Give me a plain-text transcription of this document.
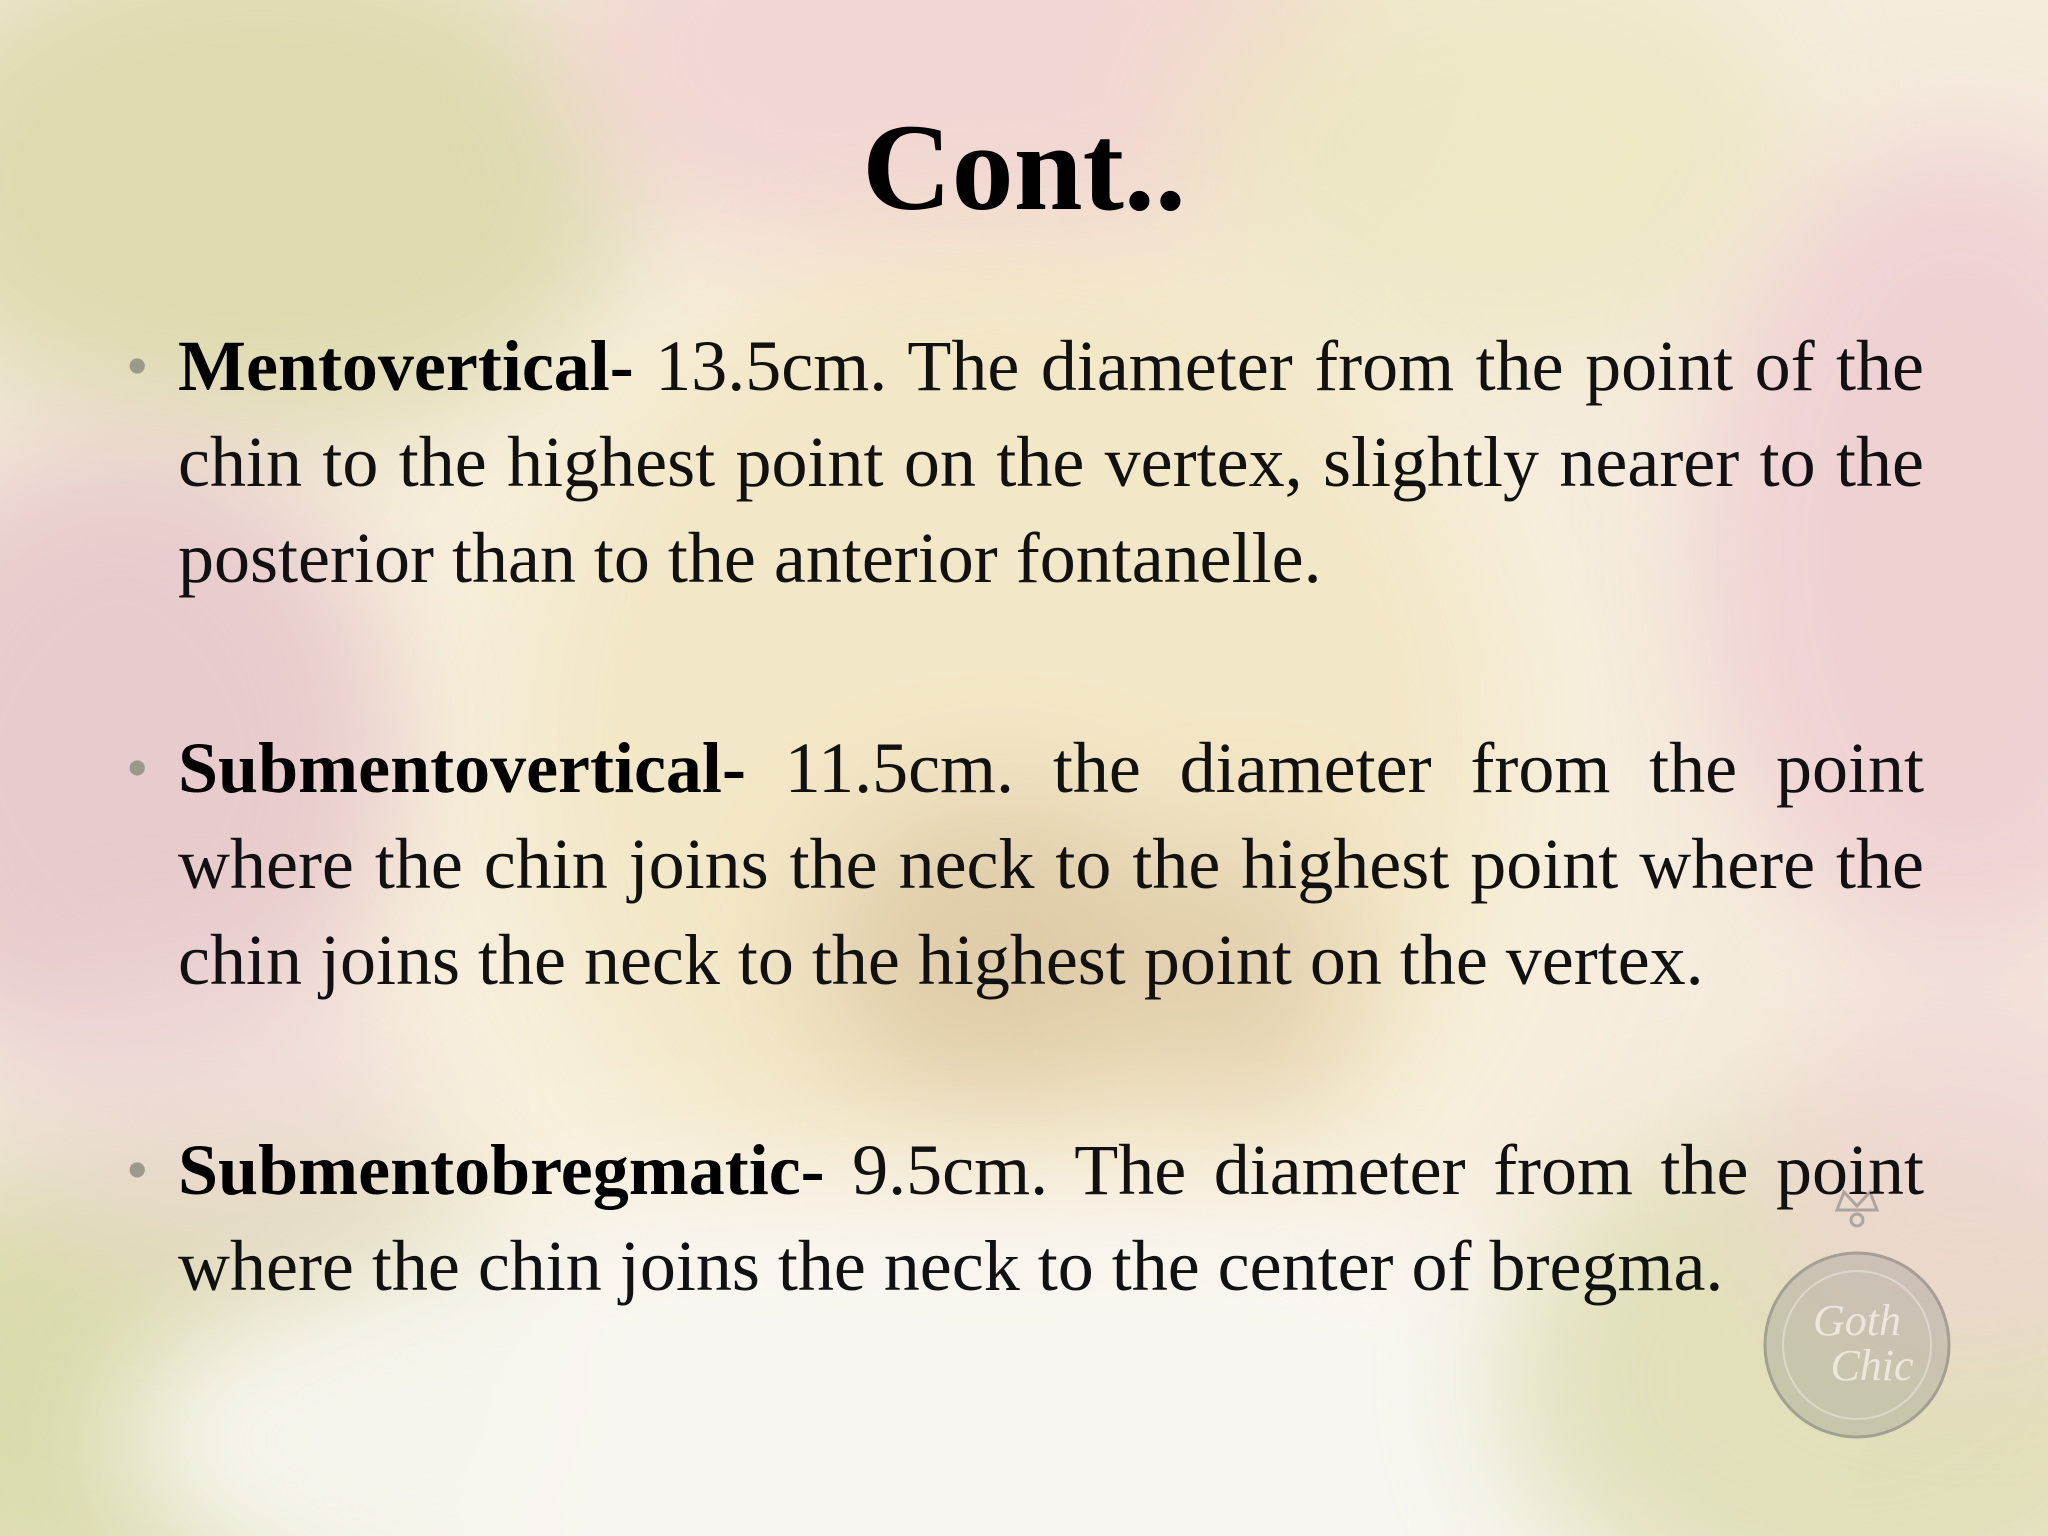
Goth
Chic
Cont..
• Mentovertical- 13.5cm. The diameter from the point of the chin to the highest point on the vertex, slightly nearer to the posterior than to the anterior fontanelle.
• Submentovertical- 11.5cm. the diameter from the point where the chin joins the neck to the highest point where the chin joins the neck to the highest point on the vertex.
• Submentobregmatic- 9.5cm. The diameter from the point where the chin joins the neck to the center of bregma.
